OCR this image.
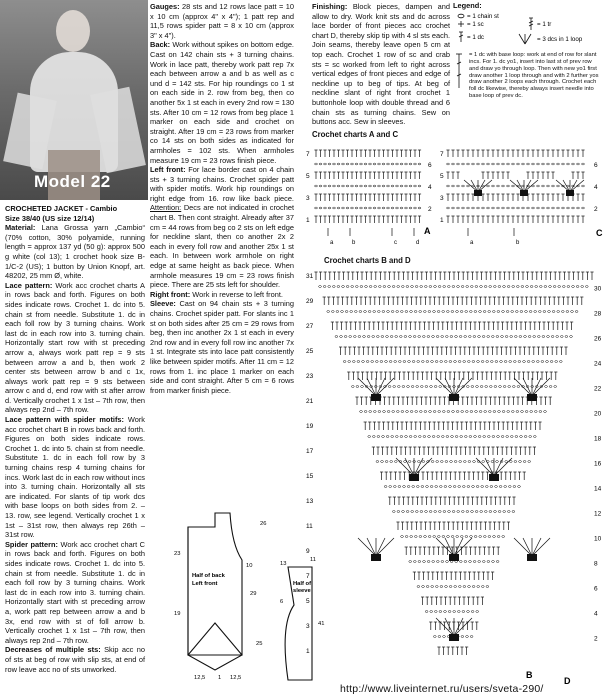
Model 22

CROCHETED JACKET - Cambio

Size 38/40 (US size 12/14)

Material: Lana Grossa yarn „Cambio“ (70% cotton, 30% polyamide, running length = approx 137 yd (50 g): approx 500 g white (col 13); 1 crochet hook size B-1/C-2 (US); 1 button by Union Knopf, art. 48202, 25 mm Ø, white.

Lace pattern: Work acc crochet charts A in rows back and forth. Figures on both sides indicate rows. Crochet 1. dc into 5. chain st from needle. Substitute 1. dc in each foll row by 3 turning chains. Work last dc in each row into 3. turning chain. Horizontally start row with st preceding arrow a, always work patt rep = 9 sts between arrow a and b, then work 2 center sts between arrow b and c 1x, always work patt rep = 9 sts between arrow c and d, end row with st after arrow d. Vertically crochet 1 x 1st – 7th row, then always rep 2nd – 7th row.

Lace pattern with spider motifs: Work acc crochet chart B in rows back and forth. Figures on both sides indicate rows. Crochet 1. dc into 5. chain st from needle. Substitute 1. dc in each foll row by 3 turning chains resp 4 turning chains for incs. Work last dc in each row without incs into 3. turning chain. Horizontally all sts are indicated. For slants of tip work dcs with base loops on both sides from 2. – 13. row, see legend. Vertically crochet 1 x 1st – 31st row, then always rep 26th – 31st row.

Spider pattern: Work acc crochet chart C in rows back and forth. Figures on both sides indicate rows. Crochet 1. dc into 5. chain st from needle. Substitute 1. dc in each foll row by 3 turning chains. Work last dc in each row into 3. turning chain. Horizontally start with st preceding arrow a, work patt rep between arrow a and b 3x, end row with st of foll arrow b. Vertically crochet 1 x 1st – 7th row, then always rep 2nd – 7th row.

Decreases of multiple sts: Skip acc no of sts at beg of row with slip sts, at end of row leave acc no of sts unworked.

Gauges: 28 sts and 12 rows lace patt = 10 x 10 cm (approx 4" x 4"); 1 patt rep and 11,5 rows spider patt = 8 x 10 cm (approx 3" x 4").

Back: Work without spikes on bottom edge. Cast on 142 chain sts + 3 turning chains. Work in lace patt, thereby work patt rep 7x each between arrow a and b as well as c und d = 142 sts. For hip roundings co 1 st on each side in 2. row from beg, then co another 5x 1 st each in every 2nd row = 130 sts. After 10 cm = 12 rows from beg place 1 marker on each side and crochet on straight. After 19 cm = 23 rows from marker co 14 sts on both sides as indicated for armholes = 102 sts. When armholes measure 19 cm = 23 rows finish piece.

Left front: For lace border cast on 4 chain sts + 3 turning chains. Crochet spider patt with spider motifs. Work hip roundings on right edge from 16. row like back piece. Attention: Decs are not indicated in crochet chart B. Then cont straight. Already after 37 cm = 44 rows from beg co 2 sts on left edge for neckline slant, then co another 2x 2 each in every foll row and another 25x 1 st each. In between work armhole on right edge at same height as back piece. When armhole measures 19 cm = 23 rows finish piece. There are 25 sts left for shoulder.

Right front: Work in reverse to left front.

Sleeve: Cast on 94 chain sts + 3 turning chains. Crochet spider patt. For slants inc 1 st on both sides after 25 cm = 29 rows from beg, then inc another 2x 1 st each in every 2nd row and in every foll row inc another 7x 1 st. Integrate sts into lace patt consistently like between spider motifs. After 11 cm = 12 rows from 1. inc place 1 marker on each side and cont straight. After 5 cm = 6 rows from marker finish piece.

Finishing: Block pieces, dampen and allow to dry. Work knit sts and dc across lace border of front pieces acc crochet chart D, thereby skip tip with 4 sl sts each. Join seams, thereby leave open 5 cm at top each. Crochet 1 row of sc and crab sts = sc worked from left to right across vertical edges of front pieces and edge of neckline up to beg of tips. At beg of neckline slant of right front crochet 1 buttonhole loop with double thread and 6 chain sts as turning chains. Sew on buttons acc. Sew in sleeves.

Legend:
= 1 chain st
= 1 sc
= 1 dc
= 1 tr
= 3 dcs in 1 loop
= 1 dc with base loop: work at end of row for slant incs. For 1. dc yo1, insert into last st of prev row and draw yo through loop. Then with new yo1 first draw another 1 loop through and with 2 further yos draw another 2 loops each through. Crochet each foll dc likewise, thereby always insert needle into base loop of prev dc.
Crochet charts A and C
7
6
5
4
3
2
1
a	b	c	d
7
6
5
4
3
2
1
a	b
A	C
Crochet charts B and D
31
30
29
28
27
26
25
24
23
22
21
20
19
18
17
16
15
14
13
12
11
10
9
8
7
6
5
4
3
2
1
B
D
Half of back
Left front	Half of
sleeve
23
19
10
25
41
12,5 1 12,5
13
6
11
26
29
http://www.liveinternet.ru/users/sveta-290/
